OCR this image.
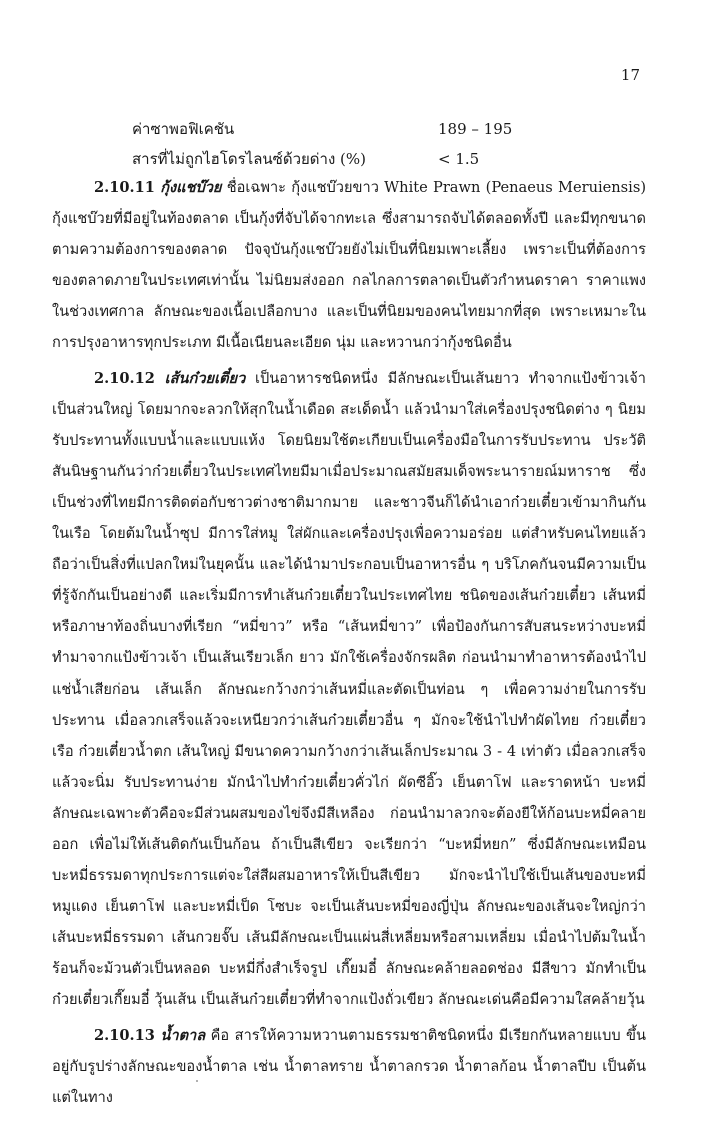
17
ค่าซาพอฟิเคชัน	189 – 195
สารที่ไม่ถูกไฮโดรไลนซ์ด้วยด่าง (%)	< 1.5

2.10.11 กุ้งแชบ๊วย ชื่อเฉพาะ กุ้งแชบ๊วยขาว White Prawn (Penaeus Meruiensis) กุ้งแชบ๊วยที่มีอยู่ในท้องตลาด เป็นกุ้งที่จับได้จากทะเล ซึ่งสามารถจับได้ตลอดทั้งปี และมีทุกขนาดตามความต้องการของตลาด ปัจจุบันกุ้งแชบ๊วยยังไม่เป็นที่นิยมเพาะเลี้ยง เพราะเป็นที่ต้องการของตลาดภายในประเทศเท่านั้น ไม่นิยมส่งออก กลไกลการตลาดเป็นตัวกำหนดราคา ราคาแพงในช่วงเทศกาล ลักษณะของเนื้อเปลือกบาง และเป็นที่นิยมของคนไทยมากที่สุด เพราะเหมาะในการปรุงอาหารทุกประเภท มีเนื้อเนียนละเอียด นุ่ม และหวานกว่ากุ้งชนิดอื่น

2.10.12 เส้นก๋วยเตี๋ยว เป็นอาหารชนิดหนึ่ง มีลักษณะเป็นเส้นยาว ทำจากแป้งข้าวเจ้าเป็นส่วนใหญ่ โดยมากจะลวกให้สุกในน้ำเดือด สะเด็ดน้ำ แล้วนำมาใส่เครื่องปรุงชนิดต่าง ๆ นิยมรับประทานทั้งแบบน้ำและแบบแห้ง โดยนิยมใช้ตะเกียบเป็นเครื่องมือในการรับประทาน ประวัติสันนิษฐานกันว่าก๋วยเตี๋ยวในประเทศไทยมีมาเมื่อประมาณสมัยสมเด็จพระนารายณ์มหาราช ซึ่งเป็นช่วงที่ไทยมีการติดต่อกับชาวต่างชาติมากมาย และชาวจีนก็ได้นำเอาก๋วยเตี๋ยวเข้ามากินกันในเรือ โดยต้มในน้ำซุป มีการใส่หมู ใส่ผักและเครื่องปรุงเพื่อความอร่อย แต่สำหรับคนไทยแล้วถือว่าเป็นสิ่งที่แปลกใหม่ในยุคนั้น และได้นำมาประกอบเป็นอาหารอื่น ๆ บริโภคกันจนมีความเป็นที่รู้จักกันเป็นอย่างดี และเริ่มมีการทำเส้นก๋วยเตี๋ยวในประเทศไทย ชนิดของเส้นก๋วยเตี๋ยว เส้นหมี่ หรือภาษาท้องถิ่นบางที่เรียก “หมี่ขาว” หรือ “เส้นหมี่ขาว” เพื่อป้องกันการสับสนระหว่างบะหมี่ ทำมาจากแป้งข้าวเจ้า เป็นเส้นเรียวเล็ก ยาว มักใช้เครื่องจักรผลิต ก่อนนำมาทำอาหารต้องนำไปแช่น้ำเสียก่อน เส้นเล็ก ลักษณะกว้างกว่าเส้นหมี่และตัดเป็นท่อน ๆ เพื่อความง่ายในการรับประทาน เมื่อลวกเสร็จแล้วจะเหนียวกว่าเส้นก๋วยเตี๋ยวอื่น ๆ มักจะใช้นำไปทำผัดไทย ก๋วยเตี๋ยวเรือ ก๋วยเตี๋ยวน้ำตก เส้นใหญ่ มีขนาดความกว้างกว่าเส้นเล็กประมาณ 3 - 4 เท่าตัว เมื่อลวกเสร็จแล้วจะนิ่ม รับประทานง่าย มักนำไปทำก๋วยเตี๋ยวคั่วไก่ ผัดซีอิ๊ว เย็นตาโฟ และราดหน้า บะหมี่ ลักษณะเฉพาะตัวคือจะมีส่วนผสมของไข่จึงมีสีเหลือง ก่อนนำมาลวกจะต้องยีให้ก้อนบะหมี่คลายออก เพื่อไม่ให้เส้นติดกันเป็นก้อน ถ้าเป็นสีเขียว จะเรียกว่า “บะหมี่หยก” ซึ่งมีลักษณะเหมือนบะหมี่ธรรมดาทุกประการแต่จะใส่สีผสมอาหารให้เป็นสีเขียว มักจะนำไปใช้เป็นเส้นของบะหมี่หมูแดง เย็นตาโฟ และบะหมี่เป็ด โซบะ จะเป็นเส้นบะหมี่ของญี่ปุ่น ลักษณะของเส้นจะใหญ่กว่าเส้นบะหมี่ธรรมดา เส้นกวยจั๊บ เส้นมีลักษณะเป็นแผ่นสี่เหลี่ยมหรือสามเหลี่ยม เมื่อนำไปต้มในน้ำร้อนก็จะม้วนตัวเป็นหลอด บะหมี่กึ่งสำเร็จรูป เกี๊ยมอี๋ ลักษณะคล้ายลอดช่อง มีสีขาว มักทำเป็นก๋วยเตี๋ยวเกี๊ยมอี๋ วุ้นเส้น เป็นเส้นก๋วยเตี๋ยวที่ทำจากแป้งถั่วเขียว ลักษณะเด่นคือมีความใสคล้ายวุ้น

2.10.13 น้ำตาล คือ สารให้ความหวานตามธรรมชาติชนิดหนึ่ง มีเรียกกันหลายแบบ ขึ้นอยู่กับรูปร่างลักษณะของน้ำตาล เช่น น้ำตาลทราย น้ำตาลกรวด น้ำตาลก้อน น้ำตาลปีบ เป็นต้น แต่ในทาง
